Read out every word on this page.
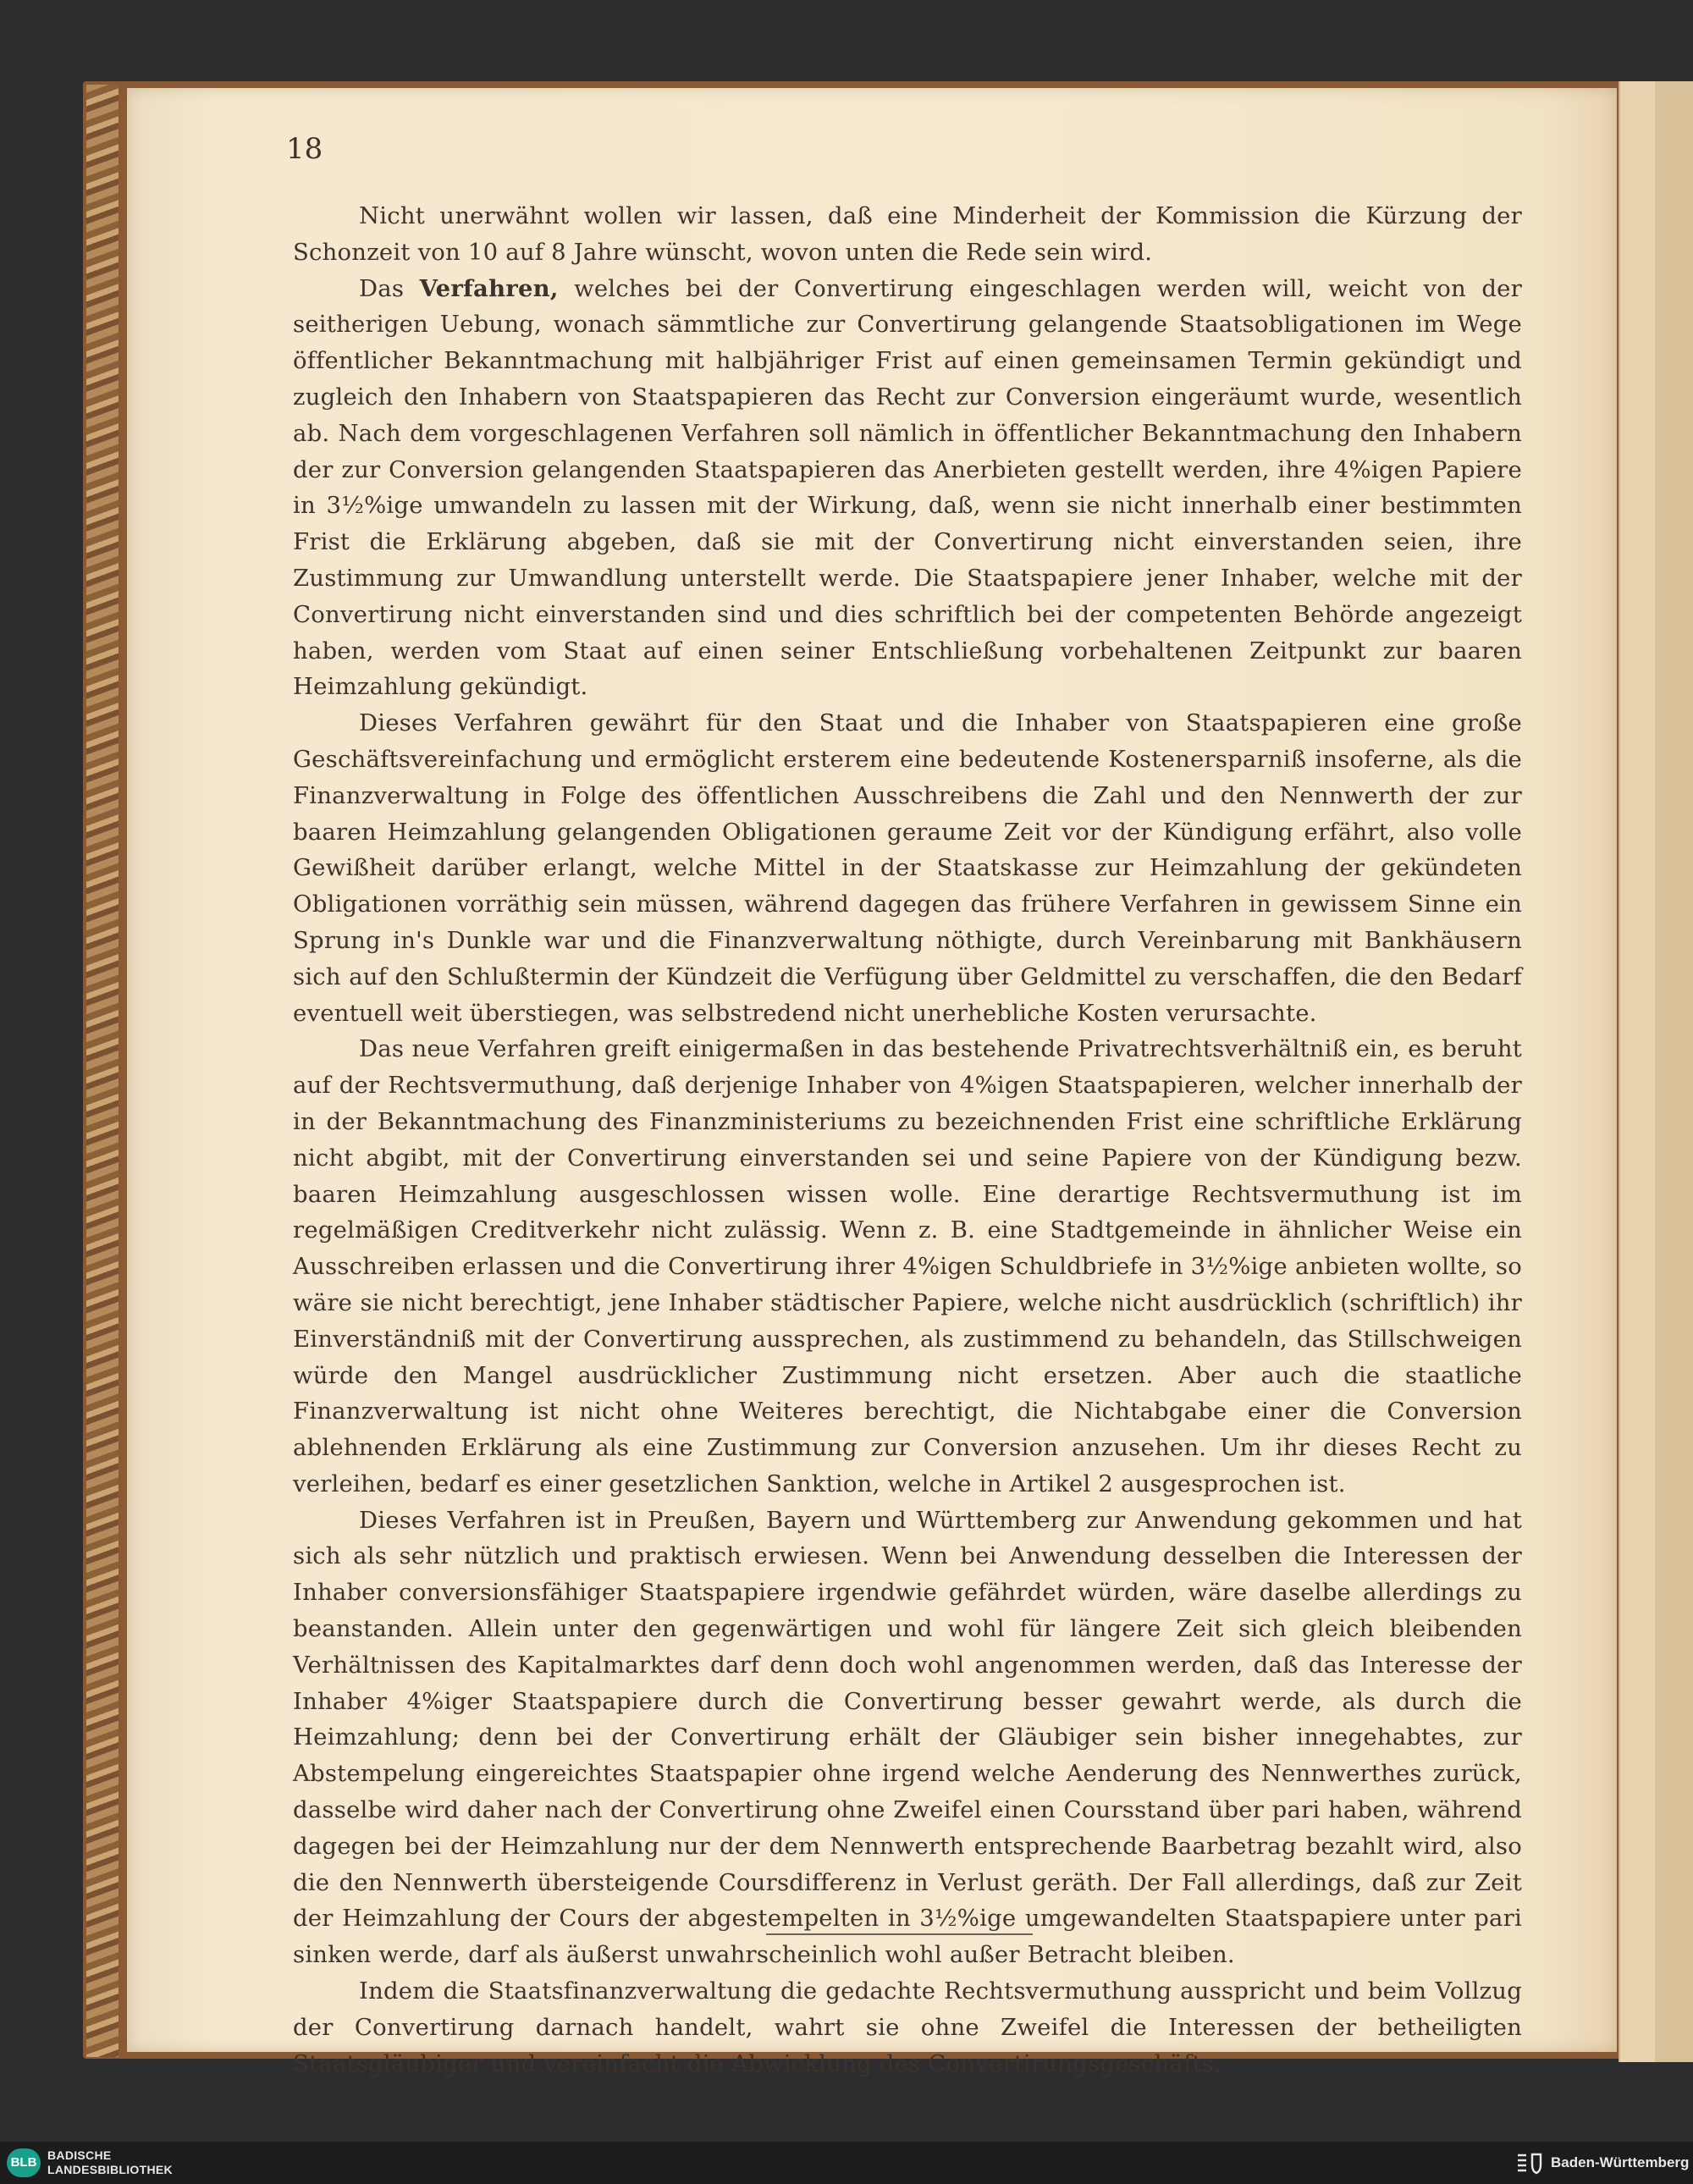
18

Nicht unerwähnt wollen wir lassen, daß eine Minderheit der Kommission die Kürzung der Schonzeit von 10 auf 8 Jahre wünscht, wovon unten die Rede sein wird.

Das Verfahren, welches bei der Convertirung eingeschlagen werden will, weicht von der seitherigen Uebung, wonach sämmtliche zur Convertirung gelangende Staatsobligationen im Wege öffentlicher Bekanntmachung mit halbjähriger Frist auf einen gemeinsamen Termin gekündigt und zugleich den Inhabern von Staatspapieren das Recht zur Conversion eingeräumt wurde, wesentlich ab. Nach dem vorgeschlagenen Verfahren soll nämlich in öffentlicher Bekanntmachung den Inhabern der zur Conversion gelangenden Staatspapieren das Anerbieten gestellt werden, ihre 4%igen Papiere in 3½%ige umwandeln zu lassen mit der Wirkung, daß, wenn sie nicht innerhalb einer bestimmten Frist die Erklärung abgeben, daß sie mit der Convertirung nicht einverstanden seien, ihre Zustimmung zur Umwandlung unterstellt werde. Die Staatspapiere jener Inhaber, welche mit der Convertirung nicht einverstanden sind und dies schriftlich bei der competenten Behörde angezeigt haben, werden vom Staat auf einen seiner Entschließung vorbehaltenen Zeitpunkt zur baaren Heimzahlung gekündigt.

Dieses Verfahren gewährt für den Staat und die Inhaber von Staatspapieren eine große Geschäftsvereinfachung und ermöglicht ersterem eine bedeutende Kostenersparniß insoferne, als die Finanzverwaltung in Folge des öffentlichen Ausschreibens die Zahl und den Nennwerth der zur baaren Heimzahlung gelangenden Obligationen geraume Zeit vor der Kündigung erfährt, also volle Gewißheit darüber erlangt, welche Mittel in der Staatskasse zur Heimzahlung der gekündeten Obligationen vorräthig sein müssen, während dagegen das frühere Verfahren in gewissem Sinne ein Sprung in's Dunkle war und die Finanzverwaltung nöthigte, durch Vereinbarung mit Bankhäusern sich auf den Schlußtermin der Kündzeit die Verfügung über Geldmittel zu verschaffen, die den Bedarf eventuell weit überstiegen, was selbstredend nicht unerhebliche Kosten verursachte.

Das neue Verfahren greift einigermaßen in das bestehende Privatrechtsverhältniß ein, es beruht auf der Rechtsvermuthung, daß derjenige Inhaber von 4%igen Staatspapieren, welcher innerhalb der in der Bekanntmachung des Finanzministeriums zu bezeichnenden Frist eine schriftliche Erklärung nicht abgibt, mit der Convertirung einverstanden sei und seine Papiere von der Kündigung bezw. baaren Heimzahlung ausgeschlossen wissen wolle. Eine derartige Rechtsvermuthung ist im regelmäßigen Creditverkehr nicht zulässig. Wenn z. B. eine Stadtgemeinde in ähnlicher Weise ein Ausschreiben erlassen und die Convertirung ihrer 4%igen Schuldbriefe in 3½%ige anbieten wollte, so wäre sie nicht berechtigt, jene Inhaber städtischer Papiere, welche nicht ausdrücklich (schriftlich) ihr Einverständniß mit der Convertirung aussprechen, als zustimmend zu behandeln, das Stillschweigen würde den Mangel ausdrücklicher Zustimmung nicht ersetzen. Aber auch die staatliche Finanzverwaltung ist nicht ohne Weiteres berechtigt, die Nichtabgabe einer die Conversion ablehnenden Erklärung als eine Zustimmung zur Conversion anzusehen. Um ihr dieses Recht zu verleihen, bedarf es einer gesetzlichen Sanktion, welche in Artikel 2 ausgesprochen ist.

Dieses Verfahren ist in Preußen, Bayern und Württemberg zur Anwendung gekommen und hat sich als sehr nützlich und praktisch erwiesen. Wenn bei Anwendung desselben die Interessen der Inhaber conversionsfähiger Staatspapiere irgendwie gefährdet würden, wäre daselbe allerdings zu beanstanden. Allein unter den gegenwärtigen und wohl für längere Zeit sich gleich bleibenden Verhältnissen des Kapitalmarktes darf denn doch wohl angenommen werden, daß das Interesse der Inhaber 4%iger Staatspapiere durch die Convertirung besser gewahrt werde, als durch die Heimzahlung; denn bei der Convertirung erhält der Gläubiger sein bisher innegehabtes, zur Abstempelung eingereichtes Staatspapier ohne irgend welche Aenderung des Nennwerthes zurück, dasselbe wird daher nach der Convertirung ohne Zweifel einen Coursstand über pari haben, während dagegen bei der Heimzahlung nur der dem Nennwerth entsprechende Baarbetrag bezahlt wird, also die den Nennwerth übersteigende Coursdifferenz in Verlust geräth. Der Fall allerdings, daß zur Zeit der Heimzahlung der Cours der abgestempelten in 3½%ige umgewandelten Staatspapiere unter pari sinken werde, darf als äußerst unwahrscheinlich wohl außer Betracht bleiben.

Indem die Staatsfinanzverwaltung die gedachte Rechtsvermuthung ausspricht und beim Vollzug der Convertirung darnach handelt, wahrt sie ohne Zweifel die Interessen der betheiligten Staatsgläubiger und vereinfacht die Abwicklung des Convertirungsgeschäfts.

BLB BADISCHE
LANDESBIBLIOTHEK	Baden-Württemberg
